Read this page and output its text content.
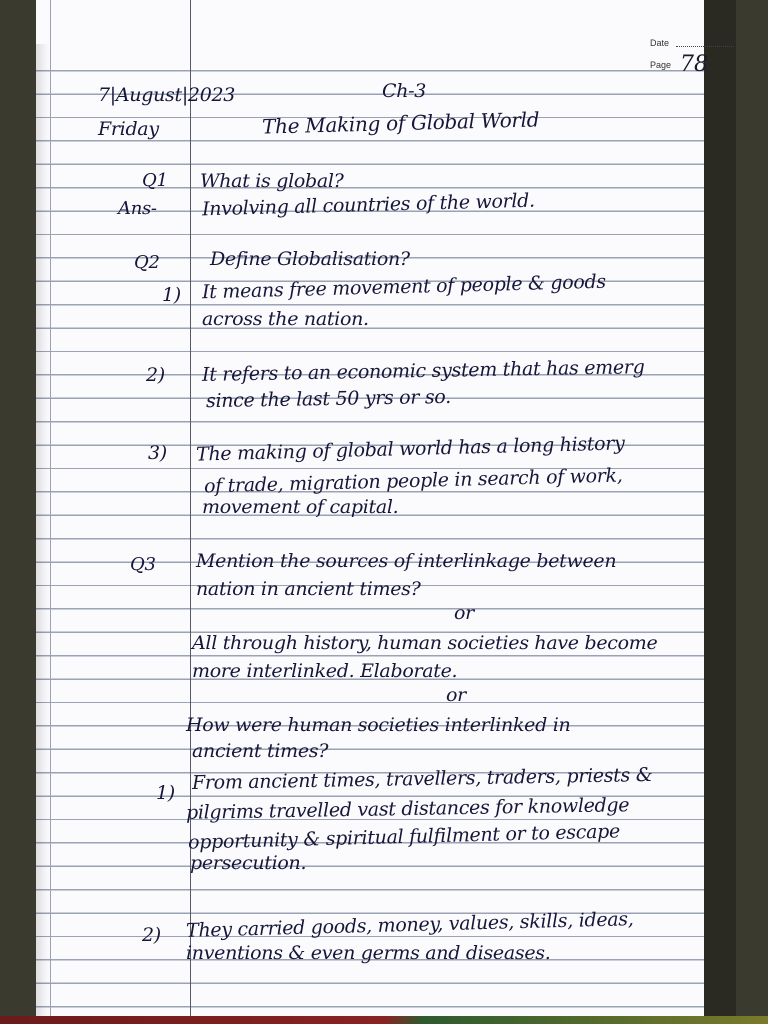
Date
Page 78
7|August|2023
Friday
Ch-3
The Making of Global World
Q1 What is global?
Ans- Involving all countries of the world.
Q2	Define Globalisation?
1) It means free movement of people & goods
across the nation.
2) It refers to an economic system that has emerg
since the last 50 yrs or so.
3) The making of global world has a long history
of trade, migration people in search of work,
movement of capital.
Q3 Mention the sources of interlinkage between
nation in ancient times?
or
All through history, human societies have become
more interlinked. Elaborate.
or
How were human societies interlinked in
ancient times?
1) From ancient times, travellers, traders, priests &
pilgrims travelled vast distances for knowledge
opportunity & spiritual fulfilment or to escape
persecution.
2) They carried goods, money, values, skills, ideas,
inventions & even germs and diseases.
